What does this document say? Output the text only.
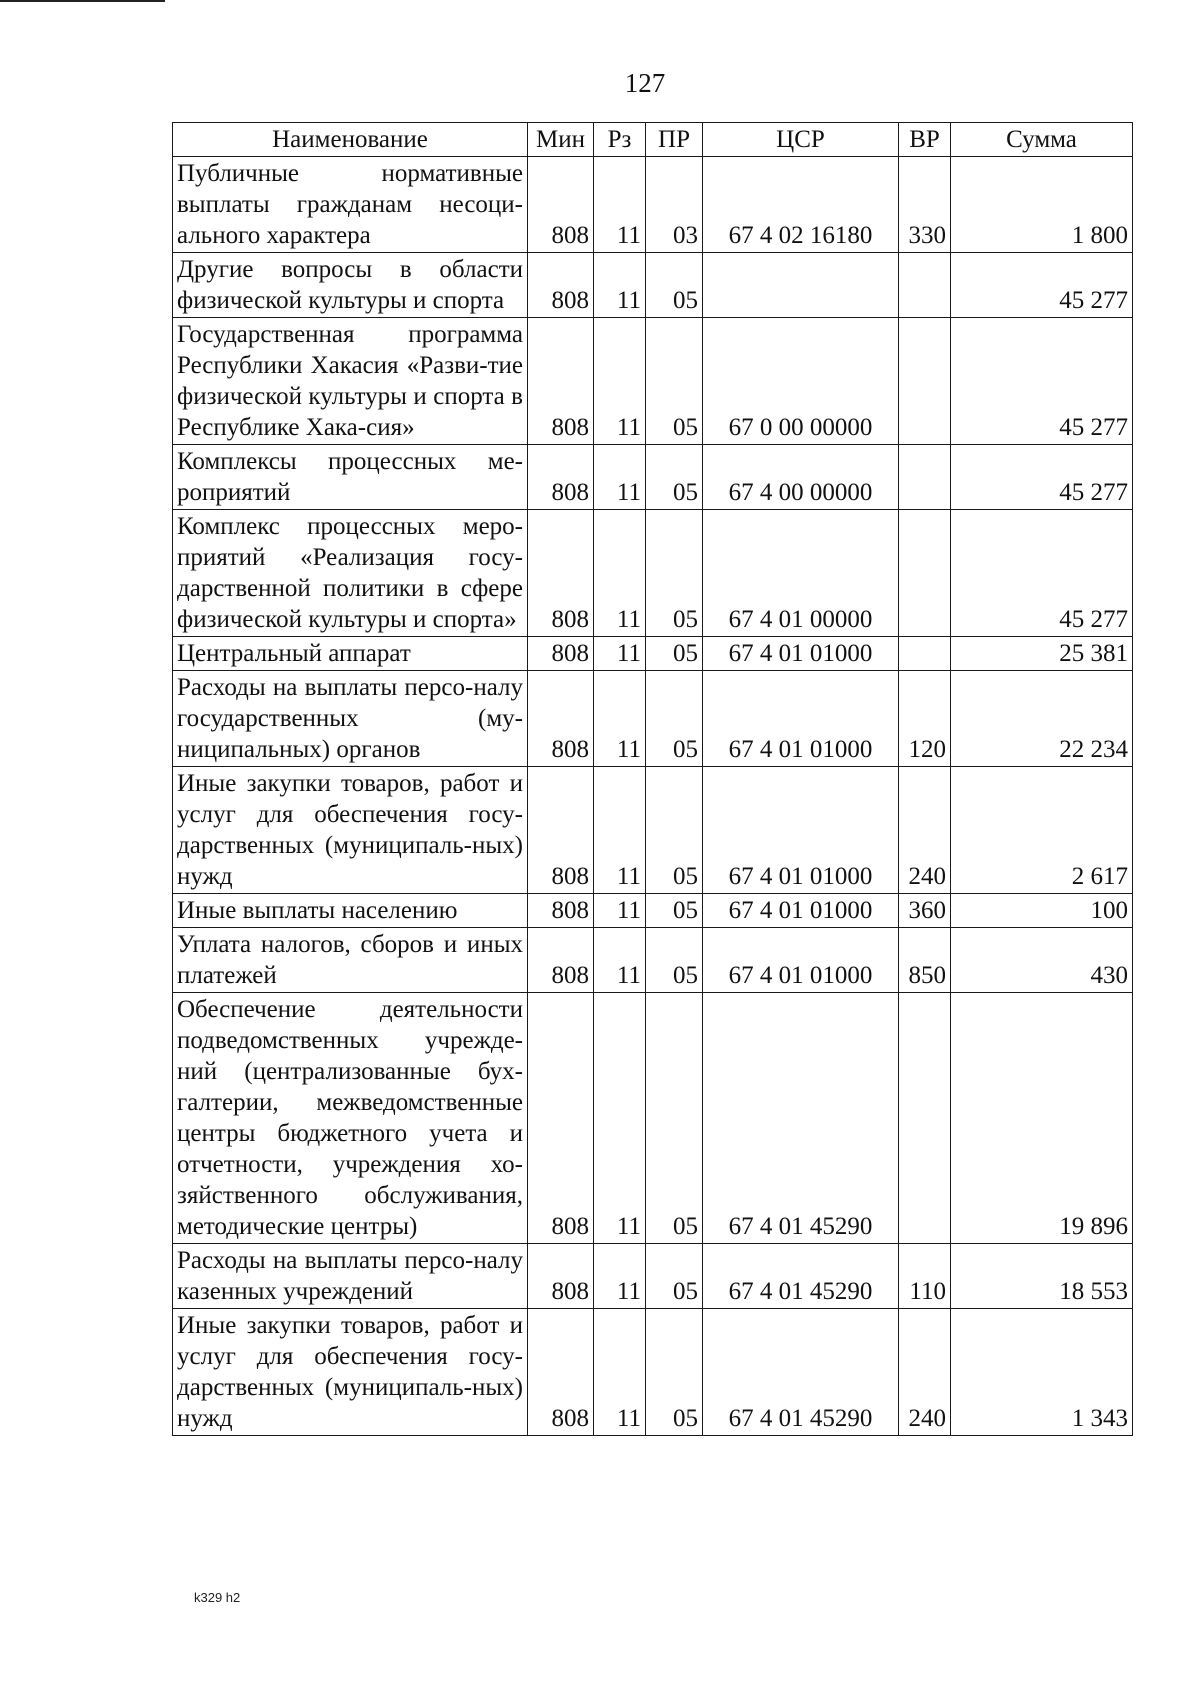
127
Наименование	Мин	Рз	ПР	ЦСР	ВР	Сумма
Публичные нормативные выплаты гражданам несоци-ального характера	808	11	03	67 4 02 16180	330	1 800
Другие вопросы в области физической культуры и спорта	808	11	05			45 277
Государственная программа Республики Хакасия «Разви-тие физической культуры и спорта в Республике Хака-сия»	808	11	05	67 0 00 00000		45 277
Комплексы процессных ме-роприятий	808	11	05	67 4 00 00000		45 277
Комплекс процессных меро-приятий «Реализация госу-дарственной политики в сфере физической культуры и спорта»	808	11	05	67 4 01 00000		45 277
Центральный аппарат	808	11	05	67 4 01 01000		25 381
Расходы на выплаты персо-налу государственных (му-ниципальных) органов	808	11	05	67 4 01 01000	120	22 234
Иные закупки товаров, работ и услуг для обеспечения госу-дарственных (муниципаль-ных) нужд	808	11	05	67 4 01 01000	240	2 617
Иные выплаты населению	808	11	05	67 4 01 01000	360	100
Уплата налогов, сборов и иных платежей	808	11	05	67 4 01 01000	850	430
Обеспечение деятельности подведомственных учрежде-ний (централизованные бух-галтерии, межведомственные центры бюджетного учета и отчетности, учреждения хо-зяйственного обслуживания, методические центры)	808	11	05	67 4 01 45290		19 896
Расходы на выплаты персо-налу казенных учреждений	808	11	05	67 4 01 45290	110	18 553
Иные закупки товаров, работ и услуг для обеспечения госу-дарственных (муниципаль-ных) нужд	808	11	05	67 4 01 45290	240	1 343
k329 h2
